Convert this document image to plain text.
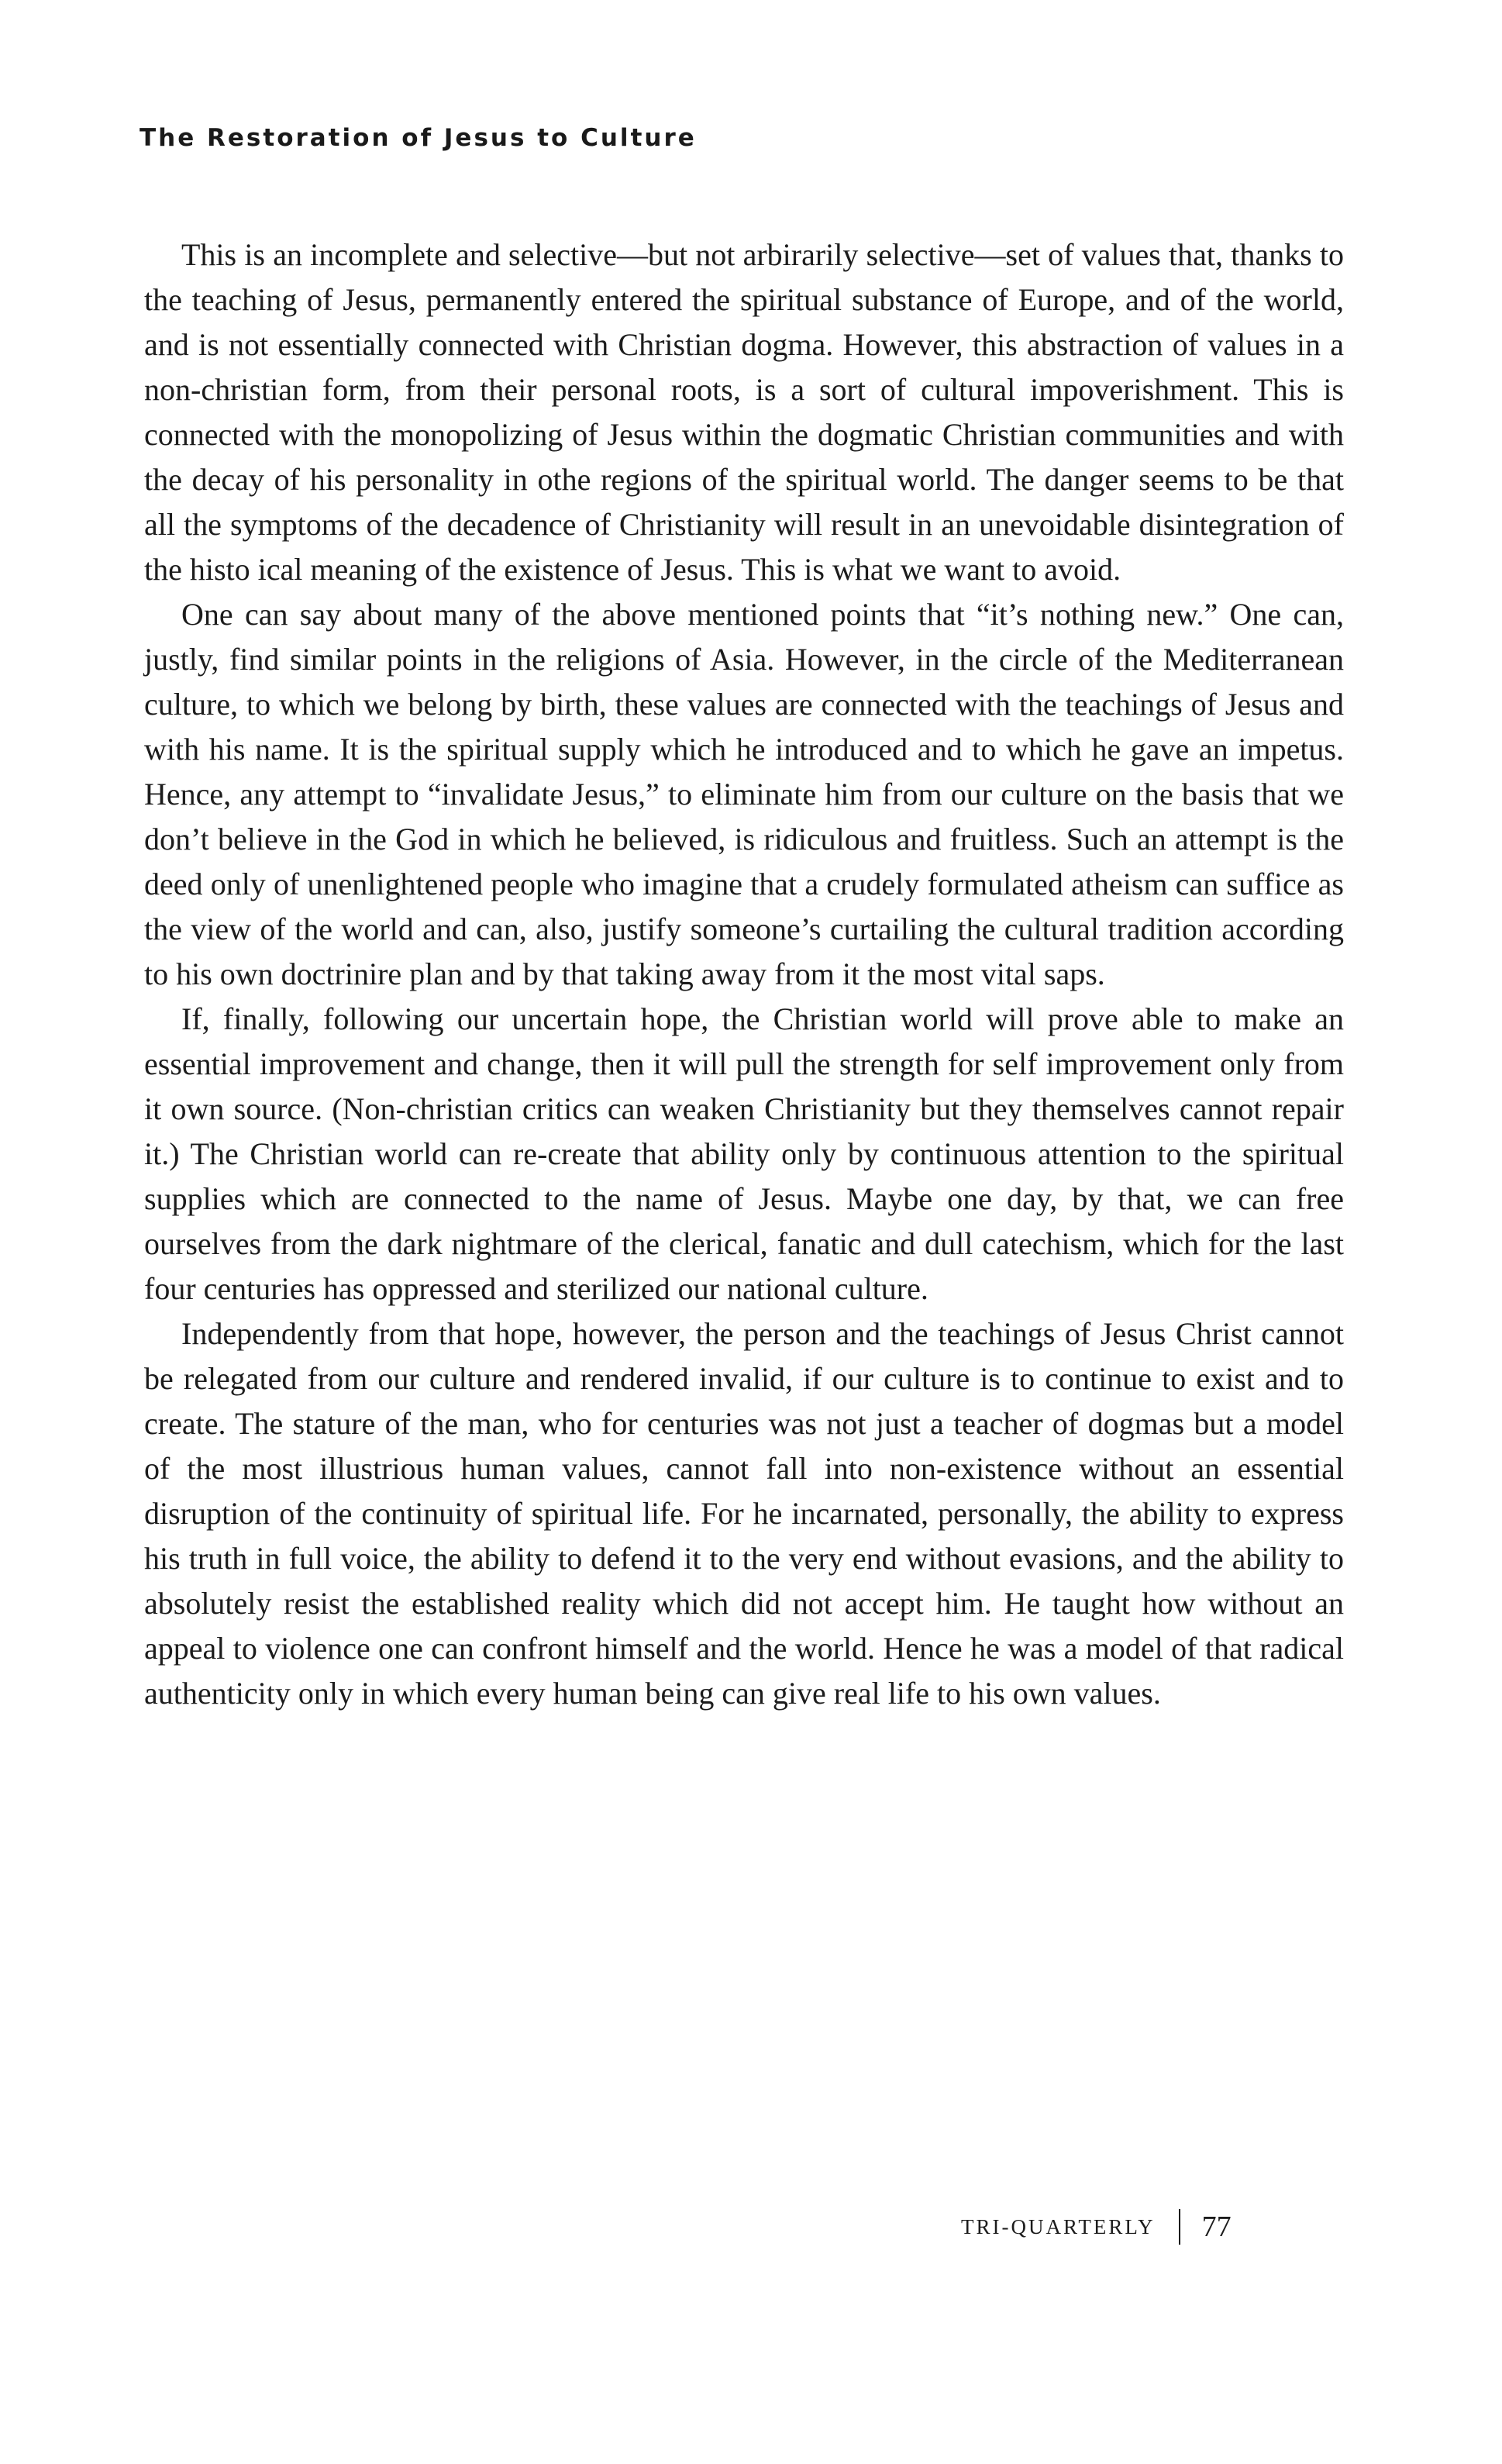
The Restoration of Jesus to Culture

This is an incomplete and selective—but not arbirarily selective—set of values that, thanks to the teaching of Jesus, permanently entered the spiritual substance of Europe, and of the world, and is not essentially connected with Christian dogma. However, this abstraction of values in a non-christian form, from their personal roots, is a sort of cultural impoverishment. This is connected with the monopolizing of Jesus within the dogmatic Christian communities and with the decay of his personality in othe regions of the spiritual world. The danger seems to be that all the symptoms of the decadence of Christianity will result in an unevoidable disintegration of the histo ical meaning of the existence of Jesus. This is what we want to avoid.

One can say about many of the above mentioned points that “it’s nothing new.” One can, justly, find similar points in the religions of Asia. However, in the circle of the Mediterranean culture, to which we belong by birth, these values are connected with the teachings of Jesus and with his name. It is the spiritual supply which he introduced and to which he gave an impetus. Hence, any attempt to “invalidate Jesus,” to eliminate him from our culture on the basis that we don’t believe in the God in which he believed, is ridiculous and fruitless. Such an attempt is the deed only of unenlightened people who imagine that a crudely formulated atheism can suffice as the view of the world and can, also, justify someone’s curtailing the cultural tradition according to his own doctrinire plan and by that taking away from it the most vital saps.

If, finally, following our uncertain hope, the Christian world will prove able to make an essential improvement and change, then it will pull the strength for self improvement only from it own source. (Non-christian critics can weaken Christianity but they themselves cannot repair it.) The Christian world can re-create that ability only by continuous attention to the spiritual supplies which are connected to the name of Jesus. Maybe one day, by that, we can free ourselves from the dark nightmare of the clerical, fanatic and dull catechism, which for the last four centuries has oppressed and sterilized our national culture.

Independently from that hope, however, the person and the teachings of Jesus Christ cannot be relegated from our culture and rendered invalid, if our culture is to continue to exist and to create. The stature of the man, who for centuries was not just a teacher of dogmas but a model of the most illustrious human values, cannot fall into non-existence without an essential disruption of the continuity of spiritual life. For he incarnated, personally, the ability to express his truth in full voice, the ability to defend it to the very end without evasions, and the ability to absolutely resist the established reality which did not accept him. He taught how without an appeal to violence one can confront himself and the world. Hence he was a model of that radical authenticity only in which every human being can give real life to his own values.

TRI-QUARTERLY 77
